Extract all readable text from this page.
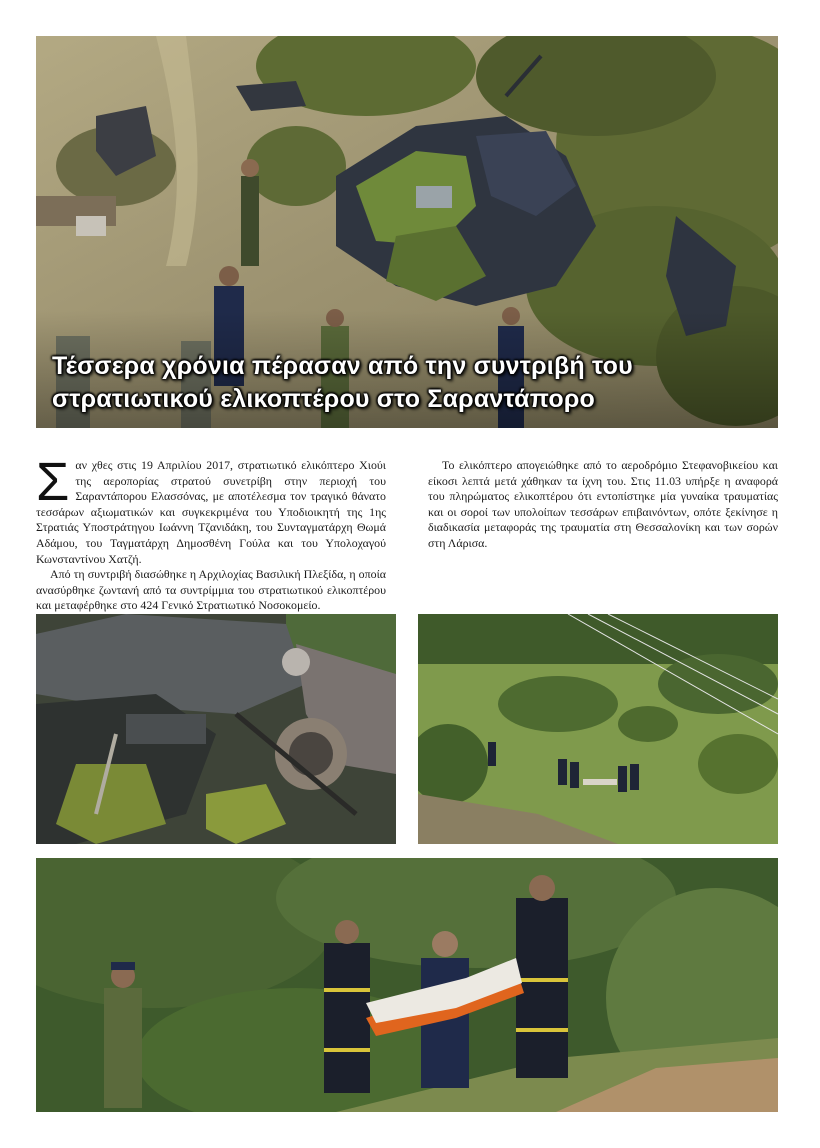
Τέσσερα χρόνια πέρασαν από την συντριβή του
στρατιωτικού ελικοπτέρου στο Σαραντάπορο

Σαν χθες στις 19 Απριλίου 2017, στρατιωτικό ελικόπτερο Χιούι της αεροπορίας στρατού συνετρίβη στην περιοχή του Σαραντάπορου Ελασσόνας, με αποτέλεσμα τον τραγικό θάνατο τεσσάρων αξιωματικών και συγκεκριμένα του Υποδιοικητή της 1ης Στρατιάς Υποστράτηγου Ιωάννη Τζανιδάκη, του Συνταγματάρχη Θωμά Αδάμου, του Ταγματάρχη Δημοσθένη Γούλα και του Υπολοχαγού Κωνσταντίνου Χατζή.

Από τη συντριβή διασώθηκε η Αρχιλοχίας Βασιλική Πλεξίδα, η οποία ανασύρθηκε ζωντανή από τα συντρίμμια του στρατιωτικού ελικοπτέρου και μεταφέρθηκε στο 424 Γενικό Στρατιωτικό Νοσοκομείο.

Το ελικόπτερο απογειώθηκε από το αεροδρόμιο Στεφανοβικείου και είκοσι λεπτά μετά χάθηκαν τα ίχνη του. Στις 11.03 υπήρξε η αναφορά του πληρώματος ελικοπτέρου ότι εντοπίστηκε μία γυναίκα τραυματίας και οι σοροί των υπολοίπων τεσσάρων επιβαινόντων, οπότε ξεκίνησε η διαδικασία μεταφοράς της τραυματία στη Θεσσαλονίκη και των σορών στη Λάρισα.
